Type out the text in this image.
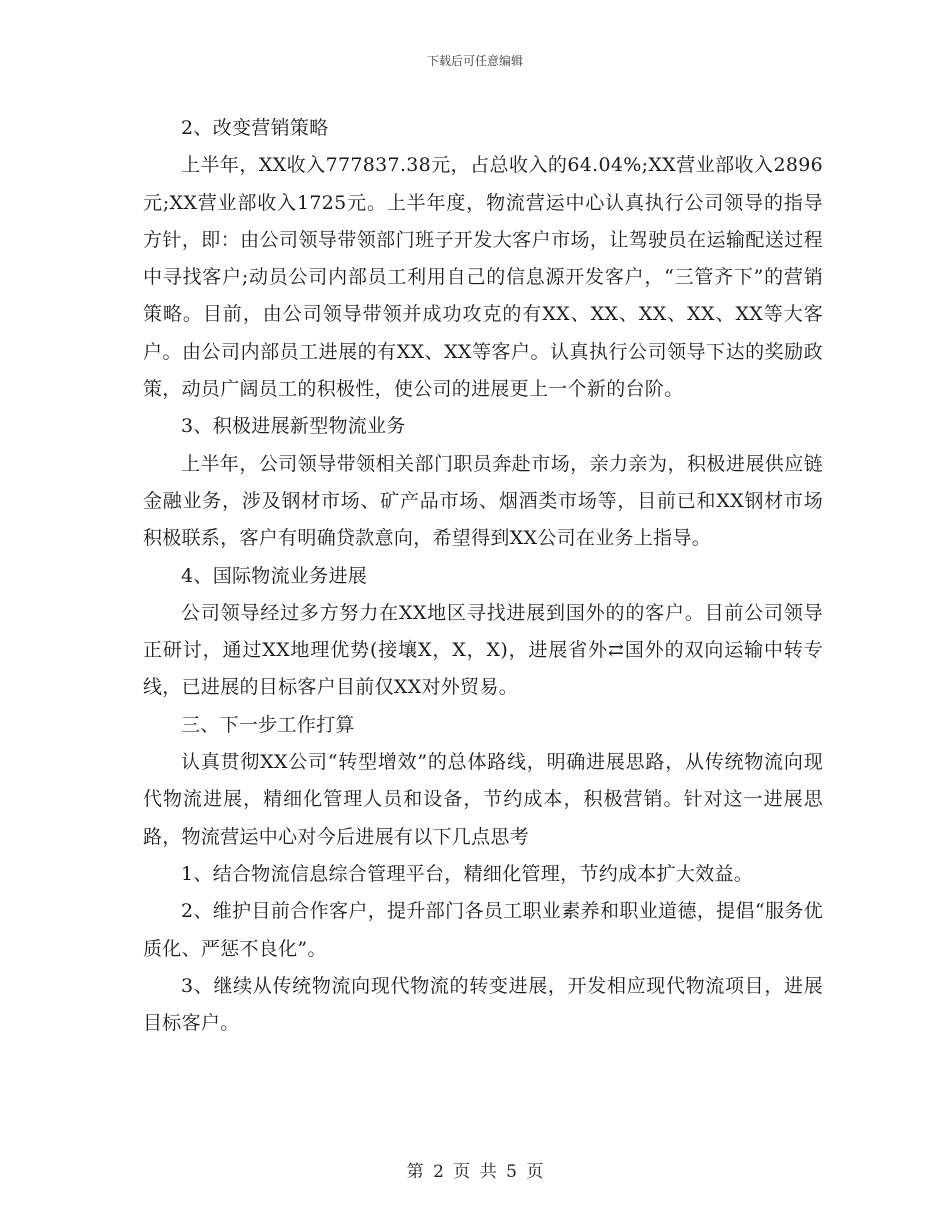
下载后可任意编辑

2、改变营销策略

上半年，XX收入777837.38元，占总收入的64.04%;XX营业部收入2896元;XX营业部收入1725元。上半年度，物流营运中心认真执行公司领导的指导方针，即：由公司领导带领部门班子开发大客户市场，让驾驶员在运输配送过程中寻找客户;动员公司内部员工利用自己的信息源开发客户，“三管齐下”的营销策略。目前，由公司领导带领并成功攻克的有XX、XX、XX、XX、XX等大客户。由公司内部员工进展的有XX、XX等客户。认真执行公司领导下达的奖励政策，动员广阔员工的积极性，使公司的进展更上一个新的台阶。

3、积极进展新型物流业务

上半年，公司领导带领相关部门职员奔赴市场，亲力亲为，积极进展供应链金融业务，涉及钢材市场、矿产品市场、烟酒类市场等，目前已和XX钢材市场积极联系，客户有明确贷款意向，希望得到XX公司在业务上指导。

4、国际物流业务进展

公司领导经过多方努力在XX地区寻找进展到国外的的客户。目前公司领导正研讨，通过XX地理优势(接壤X，X，X)，进展省外⇄国外的双向运输中转专线，已进展的目标客户目前仅XX对外贸易。

三、下一步工作打算

认真贯彻XX公司“转型增效”的总体路线，明确进展思路，从传统物流向现代物流进展，精细化管理人员和设备，节约成本，积极营销。针对这一进展思路，物流营运中心对今后进展有以下几点思考

1、结合物流信息综合管理平台，精细化管理，节约成本扩大效益。

2、维护目前合作客户，提升部门各员工职业素养和职业道德，提倡“服务优质化、严惩不良化”。

3、继续从传统物流向现代物流的转变进展，开发相应现代物流项目，进展目标客户。

第 2 页 共 5 页
